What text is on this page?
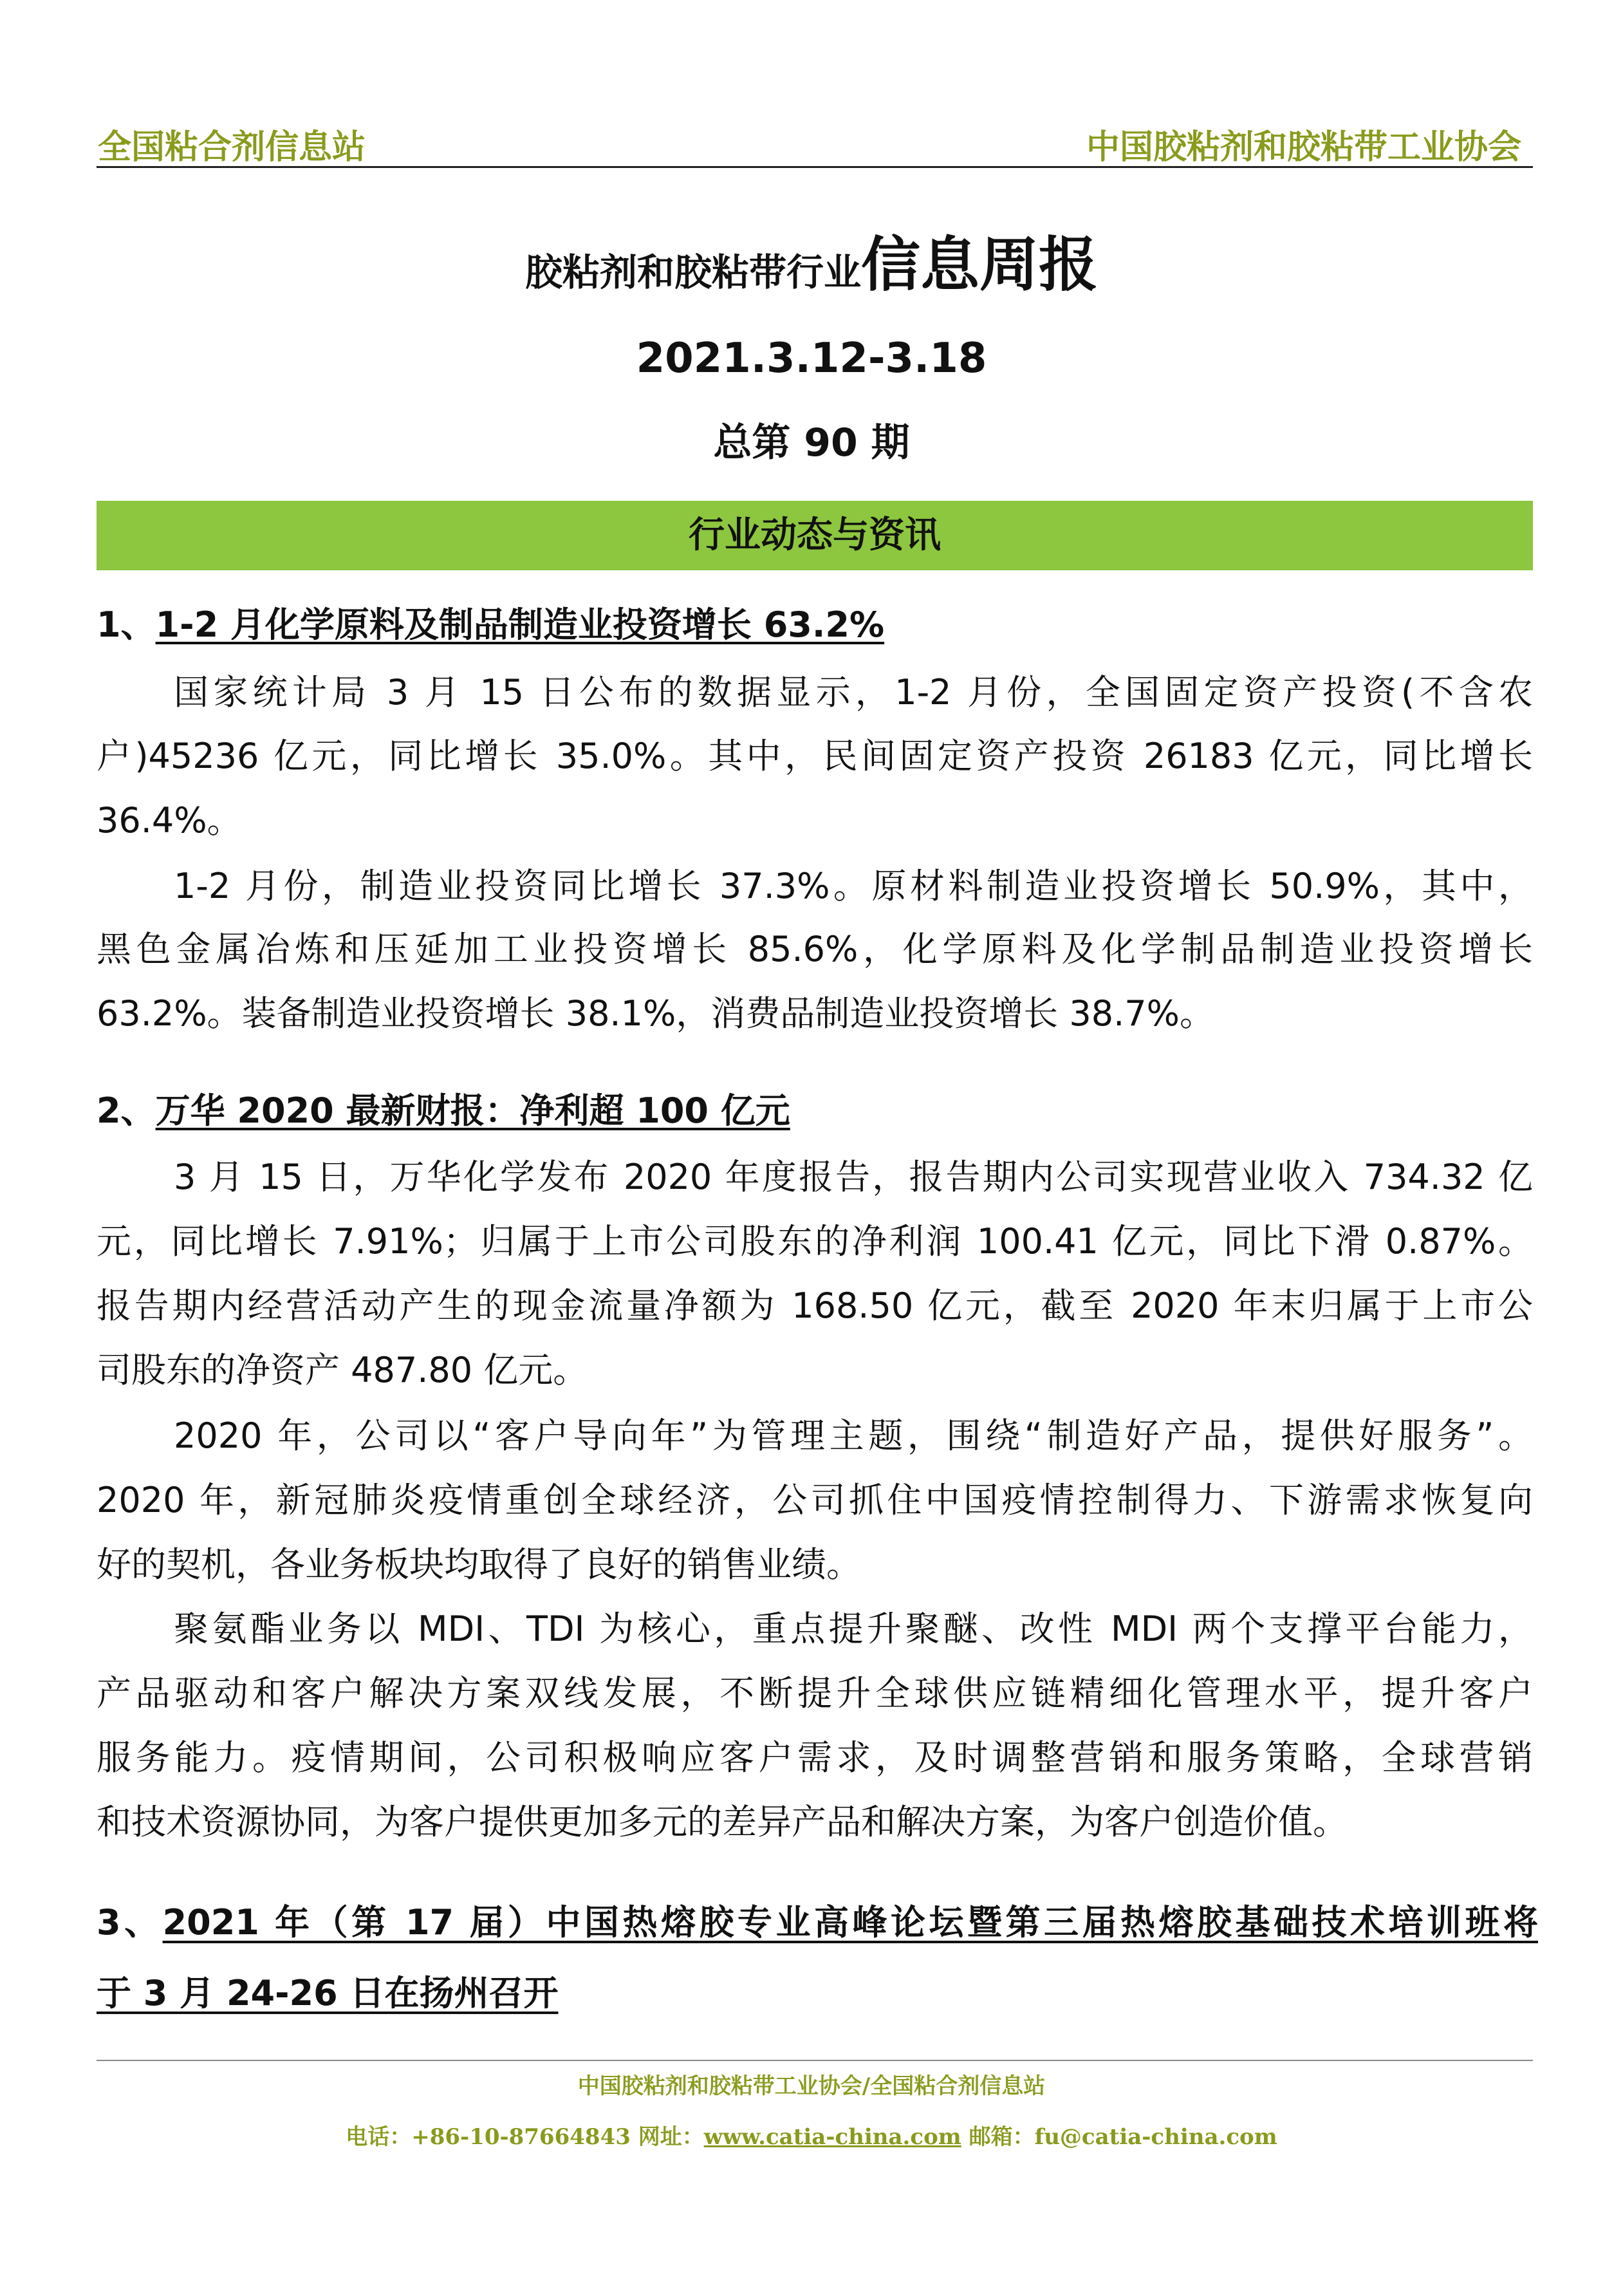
全国粘合剂信息站	中国胶粘剂和胶粘带工业协会
胶粘剂和胶粘带行业信息周报
2021.3.12-3.18
总第 90 期
行业动态与资讯
1、1-2 月化学原料及制品制造业投资增长 63.2%
国家统计局 3 月 15 日公布的数据显示，1-2 月份，全国固定资产投资(不含农
户)45236 亿元，同比增长 35.0%。其中，民间固定资产投资 26183 亿元，同比增长
36.4%。
1-2 月份，制造业投资同比增长 37.3%。原材料制造业投资增长 50.9%，其中，
黑色金属冶炼和压延加工业投资增长 85.6%，化学原料及化学制品制造业投资增长
63.2%。装备制造业投资增长 38.1%，消费品制造业投资增长 38.7%。
2、万华 2020 最新财报：净利超 100 亿元
3 月 15 日，万华化学发布 2020 年度报告，报告期内公司实现营业收入 734.32 亿
元，同比增长 7.91%；归属于上市公司股东的净利润 100.41 亿元，同比下滑 0.87%。
报告期内经营活动产生的现金流量净额为 168.50 亿元，截至 2020 年末归属于上市公
司股东的净资产 487.80 亿元。
2020 年，公司以“客户导向年”为管理主题，围绕“制造好产品，提供好服务”。
2020 年，新冠肺炎疫情重创全球经济，公司抓住中国疫情控制得力、下游需求恢复向
好的契机，各业务板块均取得了良好的销售业绩。
聚氨酯业务以 MDI、TDI 为核心，重点提升聚醚、改性 MDI 两个支撑平台能力，
产品驱动和客户解决方案双线发展，不断提升全球供应链精细化管理水平，提升客户
服务能力。疫情期间，公司积极响应客户需求，及时调整营销和服务策略，全球营销
和技术资源协同，为客户提供更加多元的差异产品和解决方案，为客户创造价值。
3、2021 年（第 17 届）中国热熔胶专业高峰论坛暨第三届热熔胶基础技术培训班将
于 3 月 24-26 日在扬州召开
中国胶粘剂和胶粘带工业协会/全国粘合剂信息站
电话：+86-10-87664843 网址：www.catia-china.com 邮箱：fu@catia-china.com
